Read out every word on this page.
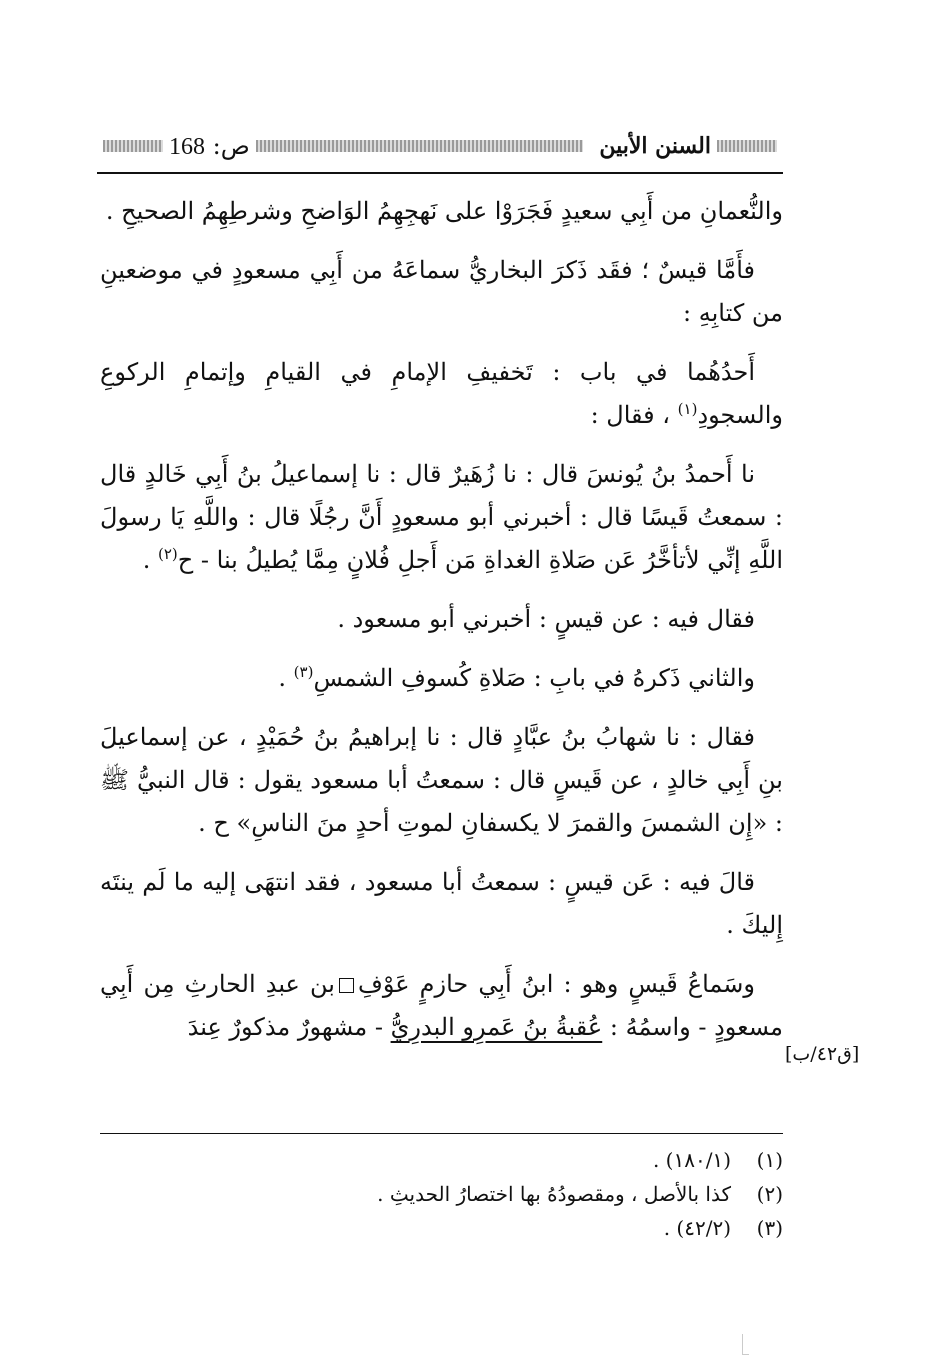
السنن الأبين
ص: 168

والنُّعمانِ من أَبِي سعيدٍ فَجَرَوْا على نَهجِهِمُ الوَاضحِ وشرطِهِمُ الصحيحِ .

فأَمَّا قيسٌ ؛ فقَد ذَكرَ البخاريُّ سماعَهُ من أَبِي مسعودٍ في موضعينِ من كتابِهِ :

أَحدُهُما في باب : تَخفيفِ الإمامِ في القيامِ وإتمامِ الركوعِ والسجودِ$^{(١)}$ ، فقال :

نا أَحمدُ بنُ يُونسَ قال : نا زُهَيرٌ قال : نا إسماعيلُ بنُ أَبِي خَالدٍ قال : سمعتُ قَيسًا قال : أخبرني أبو مسعودٍ أَنَّ رجُلًا قال : واللَّهِ يَا رسولَ اللَّهِ إنِّي لأتأخَّرُ عَن صَلاةِ الغداةِ مَن أَجلِ فُلانٍ مِمَّا يُطيلُ بنا - ح$^{(٢)}$ .

فقال فيه : عن قيسٍ : أخبرني أبو مسعود .

والثاني ذَكرهُ في بابِ : صَلاةِ كُسوفِ الشمسِ$^{(٣)}$ .

فقال : نا شهابُ بنُ عبَّادٍ قال : نا إبراهيمُ بنُ حُمَيْدٍ ، عن إسماعيلَ بنِ أَبِي خالدٍ ، عن قَيسٍ قال : سمعتُ أبا مسعود يقول : قال النبيُّ ﷺ : «إِن الشمسَ والقمرَ لا يكسفانِ لموتِ أحدٍ منَ الناسِ» ح .

قالَ فيه : عَن قيسٍ : سمعتُ أبا مسعود ، فقد انتهَى إليه ما لَم ينتَه إِليكَ .

وسَماعُ قَيسٍ وهو : ابنُ أَبِي حازمٍ عَوْفِبن عبدِ الحارثِ مِن أَبِي مسعودٍ - واسمُهُ : عُقبةُ بنُ عَمرِو البدرِيُّ - مشهورٌ مذكورٌ عِندَ

[ق٤٢/ب]
(١)
(١٨٠/١) .
(٢)
كذا بالأصل ، ومقصودُهُ بها اختصارُ الحديثِ .
(٣)
(٤٢/٢) .
